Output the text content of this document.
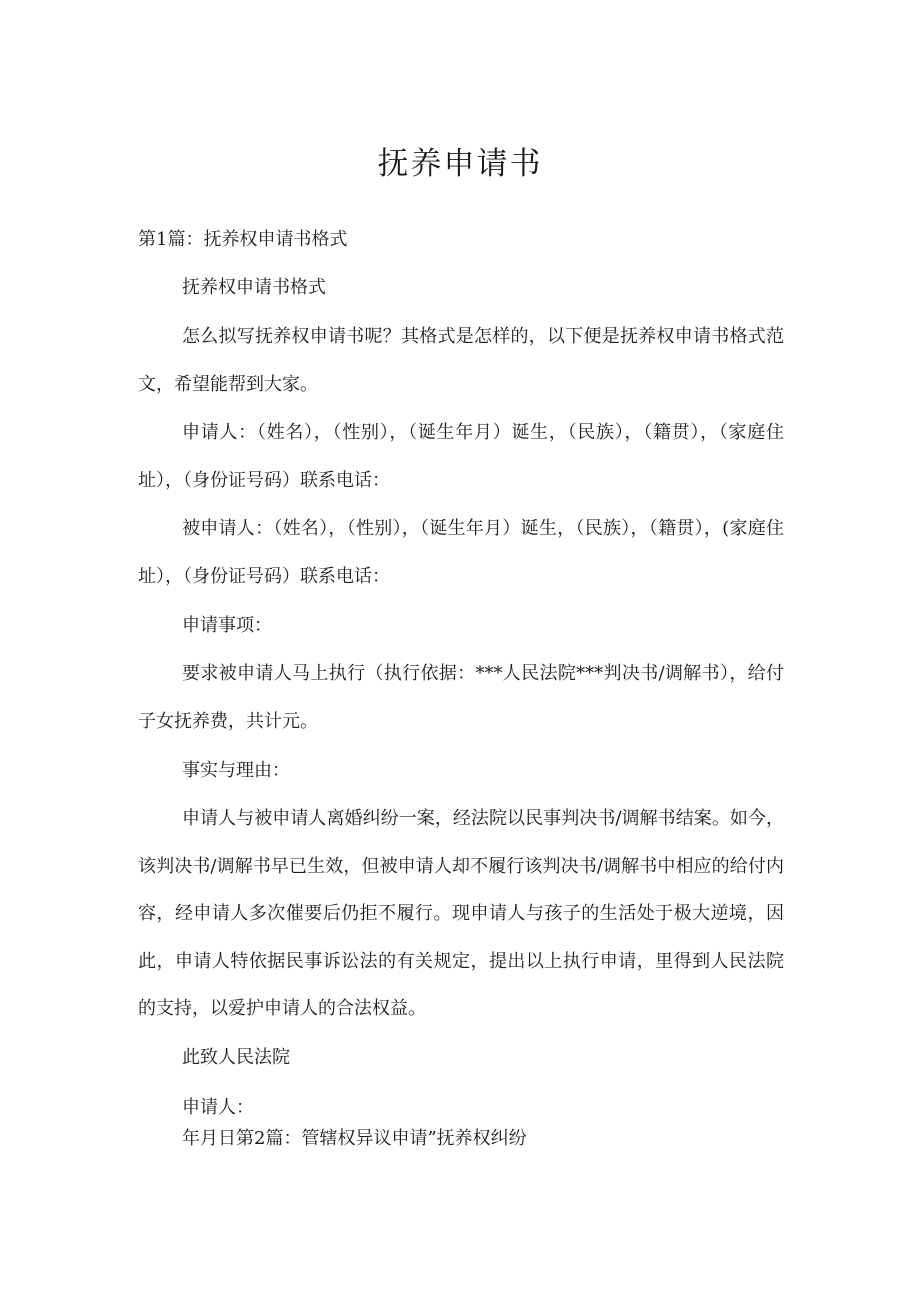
抚养申请书

第1篇：抚养权申请书格式

抚养权申请书格式

怎么拟写抚养权申请书呢？其格式是怎样的，以下便是抚养权申请书格式范文，希望能帮到大家。

申请人：（姓名），（性别），（诞生年月）诞生，（民族），（籍贯），（家庭住址），（身份证号码）联系电话：

被申请人：（姓名），（性别），（诞生年月）诞生，（民族），（籍贯），(家庭住址），（身份证号码）联系电话：

申请事项：

要求被申请人马上执行（执行依据：***人民法院***判决书/调解书），给付子女抚养费，共计元。

事实与理由：

申请人与被申请人离婚纠纷一案，经法院以民事判决书/调解书结案。如今，该判决书/调解书早已生效，但被申请人却不履行该判决书/调解书中相应的给付内容，经申请人多次催要后仍拒不履行。现申请人与孩子的生活处于极大逆境，因此，申请人特依据民事诉讼法的有关规定，提出以上执行申请，里得到人民法院的支持，以爱护申请人的合法权益。

此致人民法院

申请人：

年月日第2篇：管辖权异议申请”抚养权纠纷
